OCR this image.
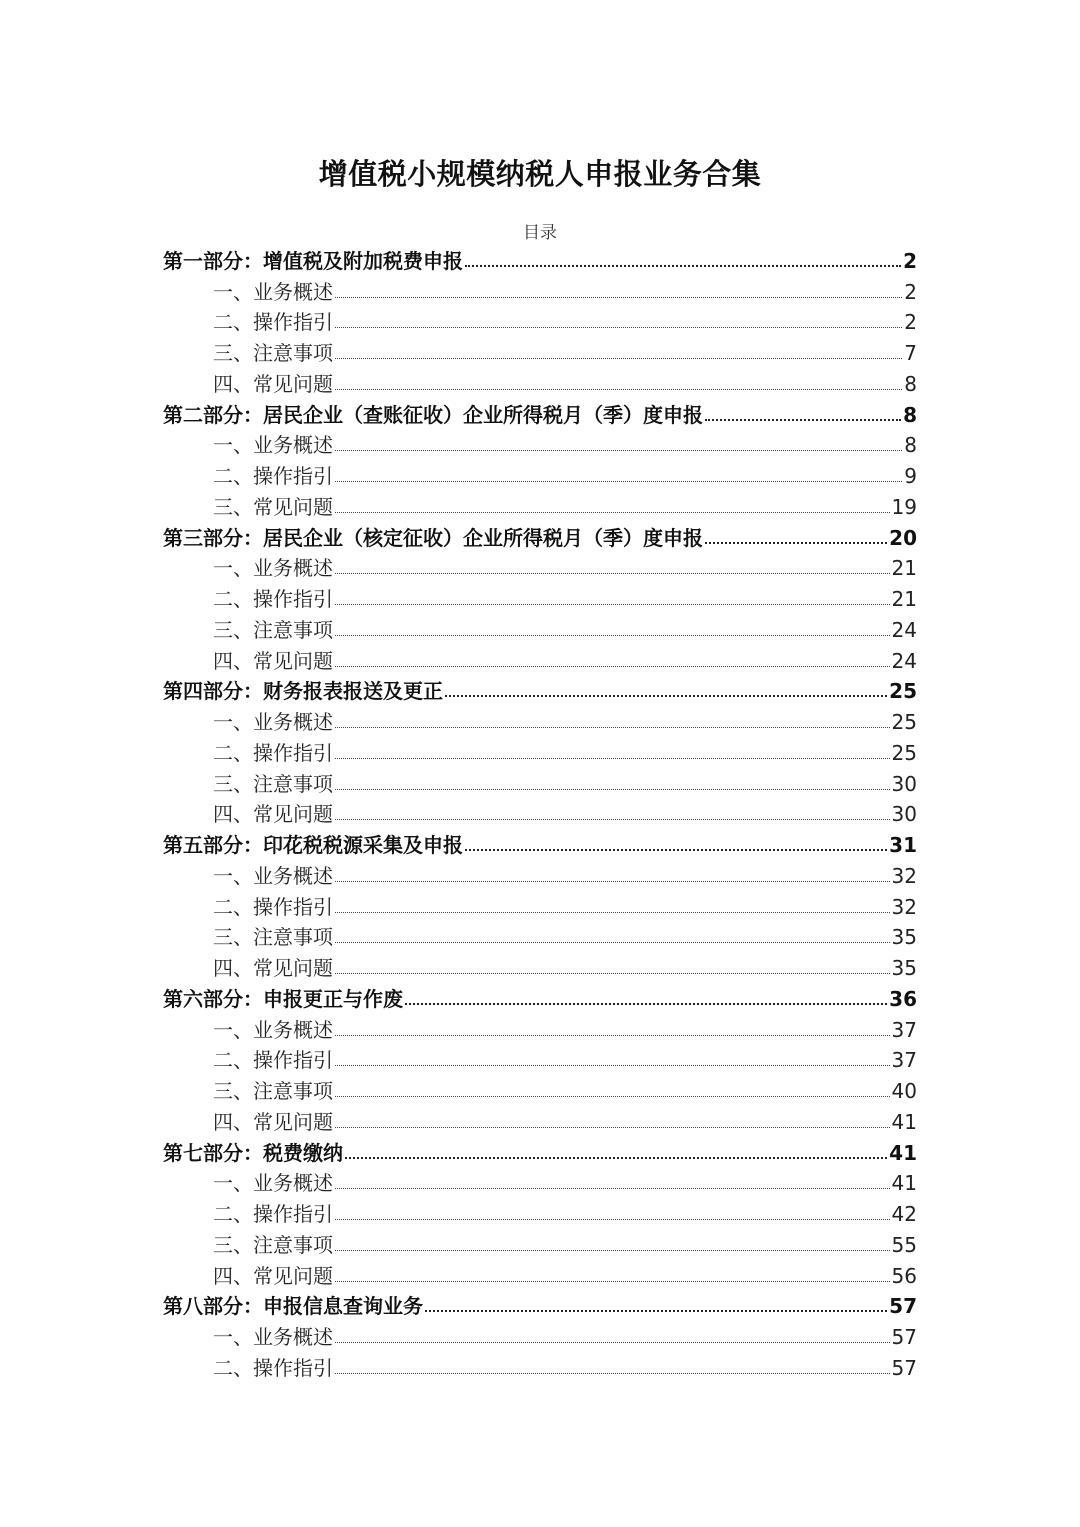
增值税小规模纳税人申报业务合集
目录
第一部分：增值税及附加税费申报	2
一、业务概述	2
二、操作指引	2
三、注意事项	7
四、常见问题	8
第二部分：居民企业（查账征收）企业所得税月（季）度申报	8
一、业务概述	8
二、操作指引	9
三、常见问题	19
第三部分：居民企业（核定征收）企业所得税月（季）度申报	20
一、业务概述	21
二、操作指引	21
三、注意事项	24
四、常见问题	24
第四部分：财务报表报送及更正	25
一、业务概述	25
二、操作指引	25
三、注意事项	30
四、常见问题	30
第五部分：印花税税源采集及申报	31
一、业务概述	32
二、操作指引	32
三、注意事项	35
四、常见问题	35
第六部分：申报更正与作废	36
一、业务概述	37
二、操作指引	37
三、注意事项	40
四、常见问题	41
第七部分：税费缴纳	41
一、业务概述	41
二、操作指引	42
三、注意事项	55
四、常见问题	56
第八部分：申报信息查询业务	57
一、业务概述	57
二、操作指引	57
